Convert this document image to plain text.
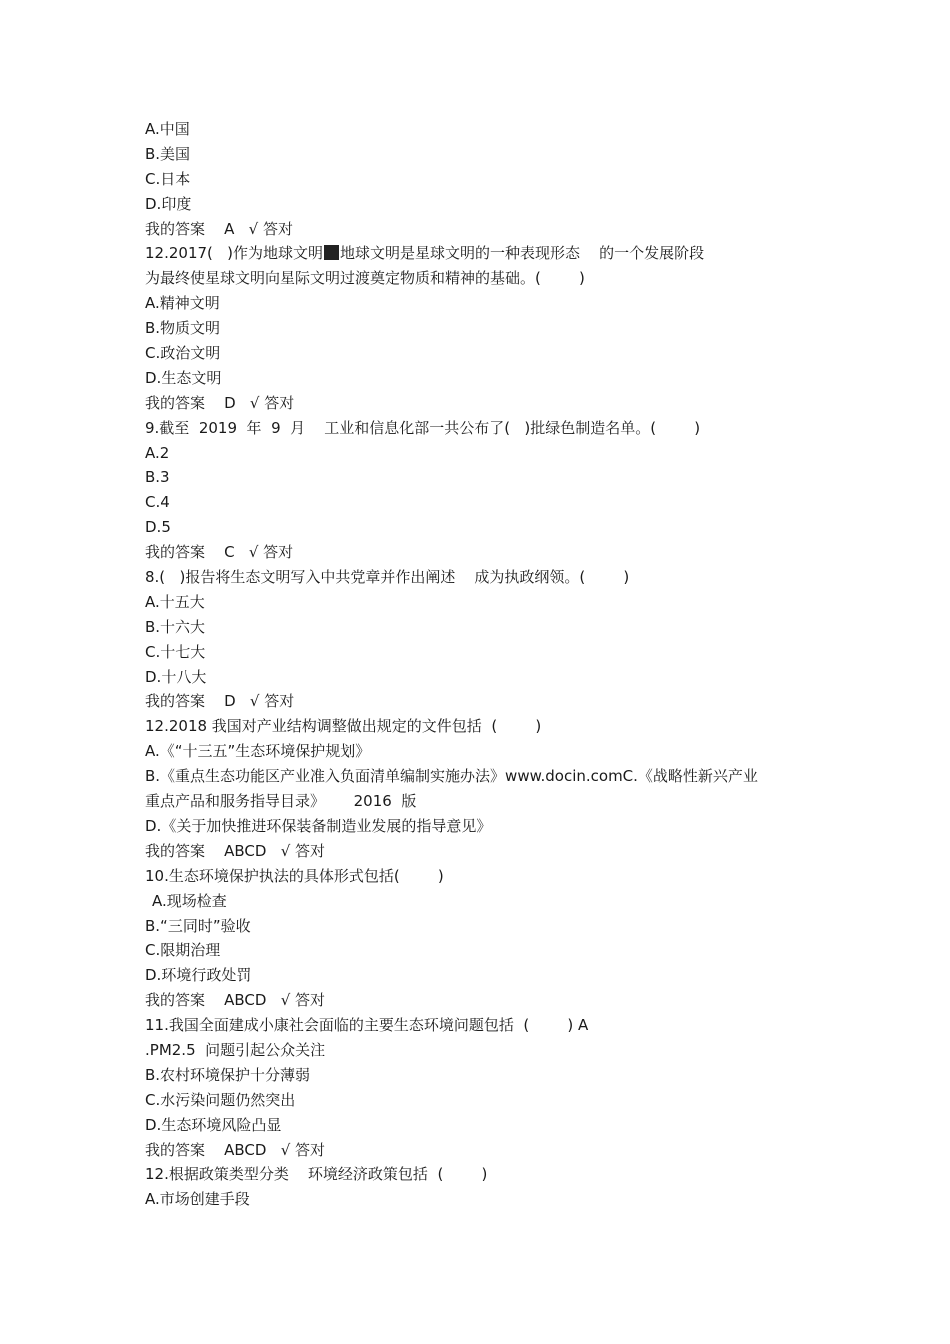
A.中国
B.美国
C.日本
D.印度
我的答案    A   √ 答对
12.2017(   )作为地球文明 地球文明是星球文明的一种表现形态    的一个发展阶段
为最终使星球文明向星际文明过渡奠定物质和精神的基础。(        )
A.精神文明
B.物质文明
C.政治文明
D.生态文明
我的答案    D   √ 答对
9.截至  2019  年  9  月    工业和信息化部一共公布了(   )批绿色制造名单。(        )
A.2
B.3
C.4
D.5
我的答案    C   √ 答对
8.(   )报告将生态文明写入中共党章并作出阐述    成为执政纲领。(        )
A.十五大
B.十六大
C.十七大
D.十八大
我的答案    D   √ 答对
12.2018 我国对产业结构调整做出规定的文件包括  (        )
A.《“十三五”生态环境保护规划》
B.《重点生态功能区产业准入负面清单编制实施办法》www.docin.comC.《战略性新兴产业
重点产品和服务指导目录》      2016  版
D.《关于加快推进环保装备制造业发展的指导意见》
我的答案    ABCD   √ 答对
10.生态环境保护执法的具体形式包括(        )
A.现场检查
B.“三同时”验收
C.限期治理
D.环境行政处罚
我的答案    ABCD   √ 答对
11.我国全面建成小康社会面临的主要生态环境问题包括  (        ) A
.PM2.5  问题引起公众关注
B.农村环境保护十分薄弱
C.水污染问题仍然突出
D.生态环境风险凸显
我的答案    ABCD   √ 答对
12.根据政策类型分类    环境经济政策包括  (        )
A.市场创建手段
